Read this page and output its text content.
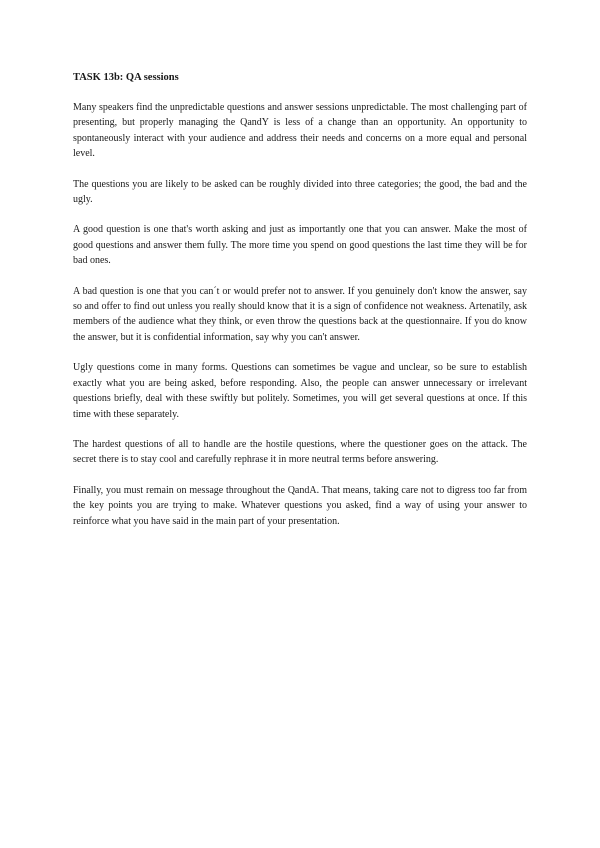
TASK 13b: QA sessions

Many speakers find the unpredictable questions and answer sessions unpredictable. The most challenging part of presenting, but properly managing the QandY is less of a change than an opportunity. An opportunity to spontaneously interact with your audience and address their needs and concerns on a more equal and personal level.

The questions you are likely to be asked can be roughly divided into three categories; the good, the bad and the ugly.

A good question is one that's worth asking and just as importantly one that you can answer. Make the most of good questions and answer them fully. The more time you spend on good questions the last time they will be for bad ones.

A bad question is one that you can´t or would prefer not to answer. If you genuinely don't know the answer, say so and offer to find out unless you really should know that it is a sign of confidence not weakness. Artenatily, ask members of the audience what they think, or even throw the questions back at the questionnaire. If you do know the answer, but it is confidential information, say why you can't answer.

Ugly questions come in many forms. Questions can sometimes be vague and unclear, so be sure to establish exactly what you are being asked, before responding. Also, the people can answer unnecessary or irrelevant questions briefly, deal with these swiftly but politely. Sometimes, you will get several questions at once. If this time with these separately.

The hardest questions of all to handle are the hostile questions, where the questioner goes on the attack. The secret there is to stay cool and carefully rephrase it in more neutral terms before answering.

Finally, you must remain on message throughout the QandA. That means, taking care not to digress too far from the key points you are trying to make. Whatever questions you asked, find a way of using your answer to reinforce what you have said in the main part of your presentation.
